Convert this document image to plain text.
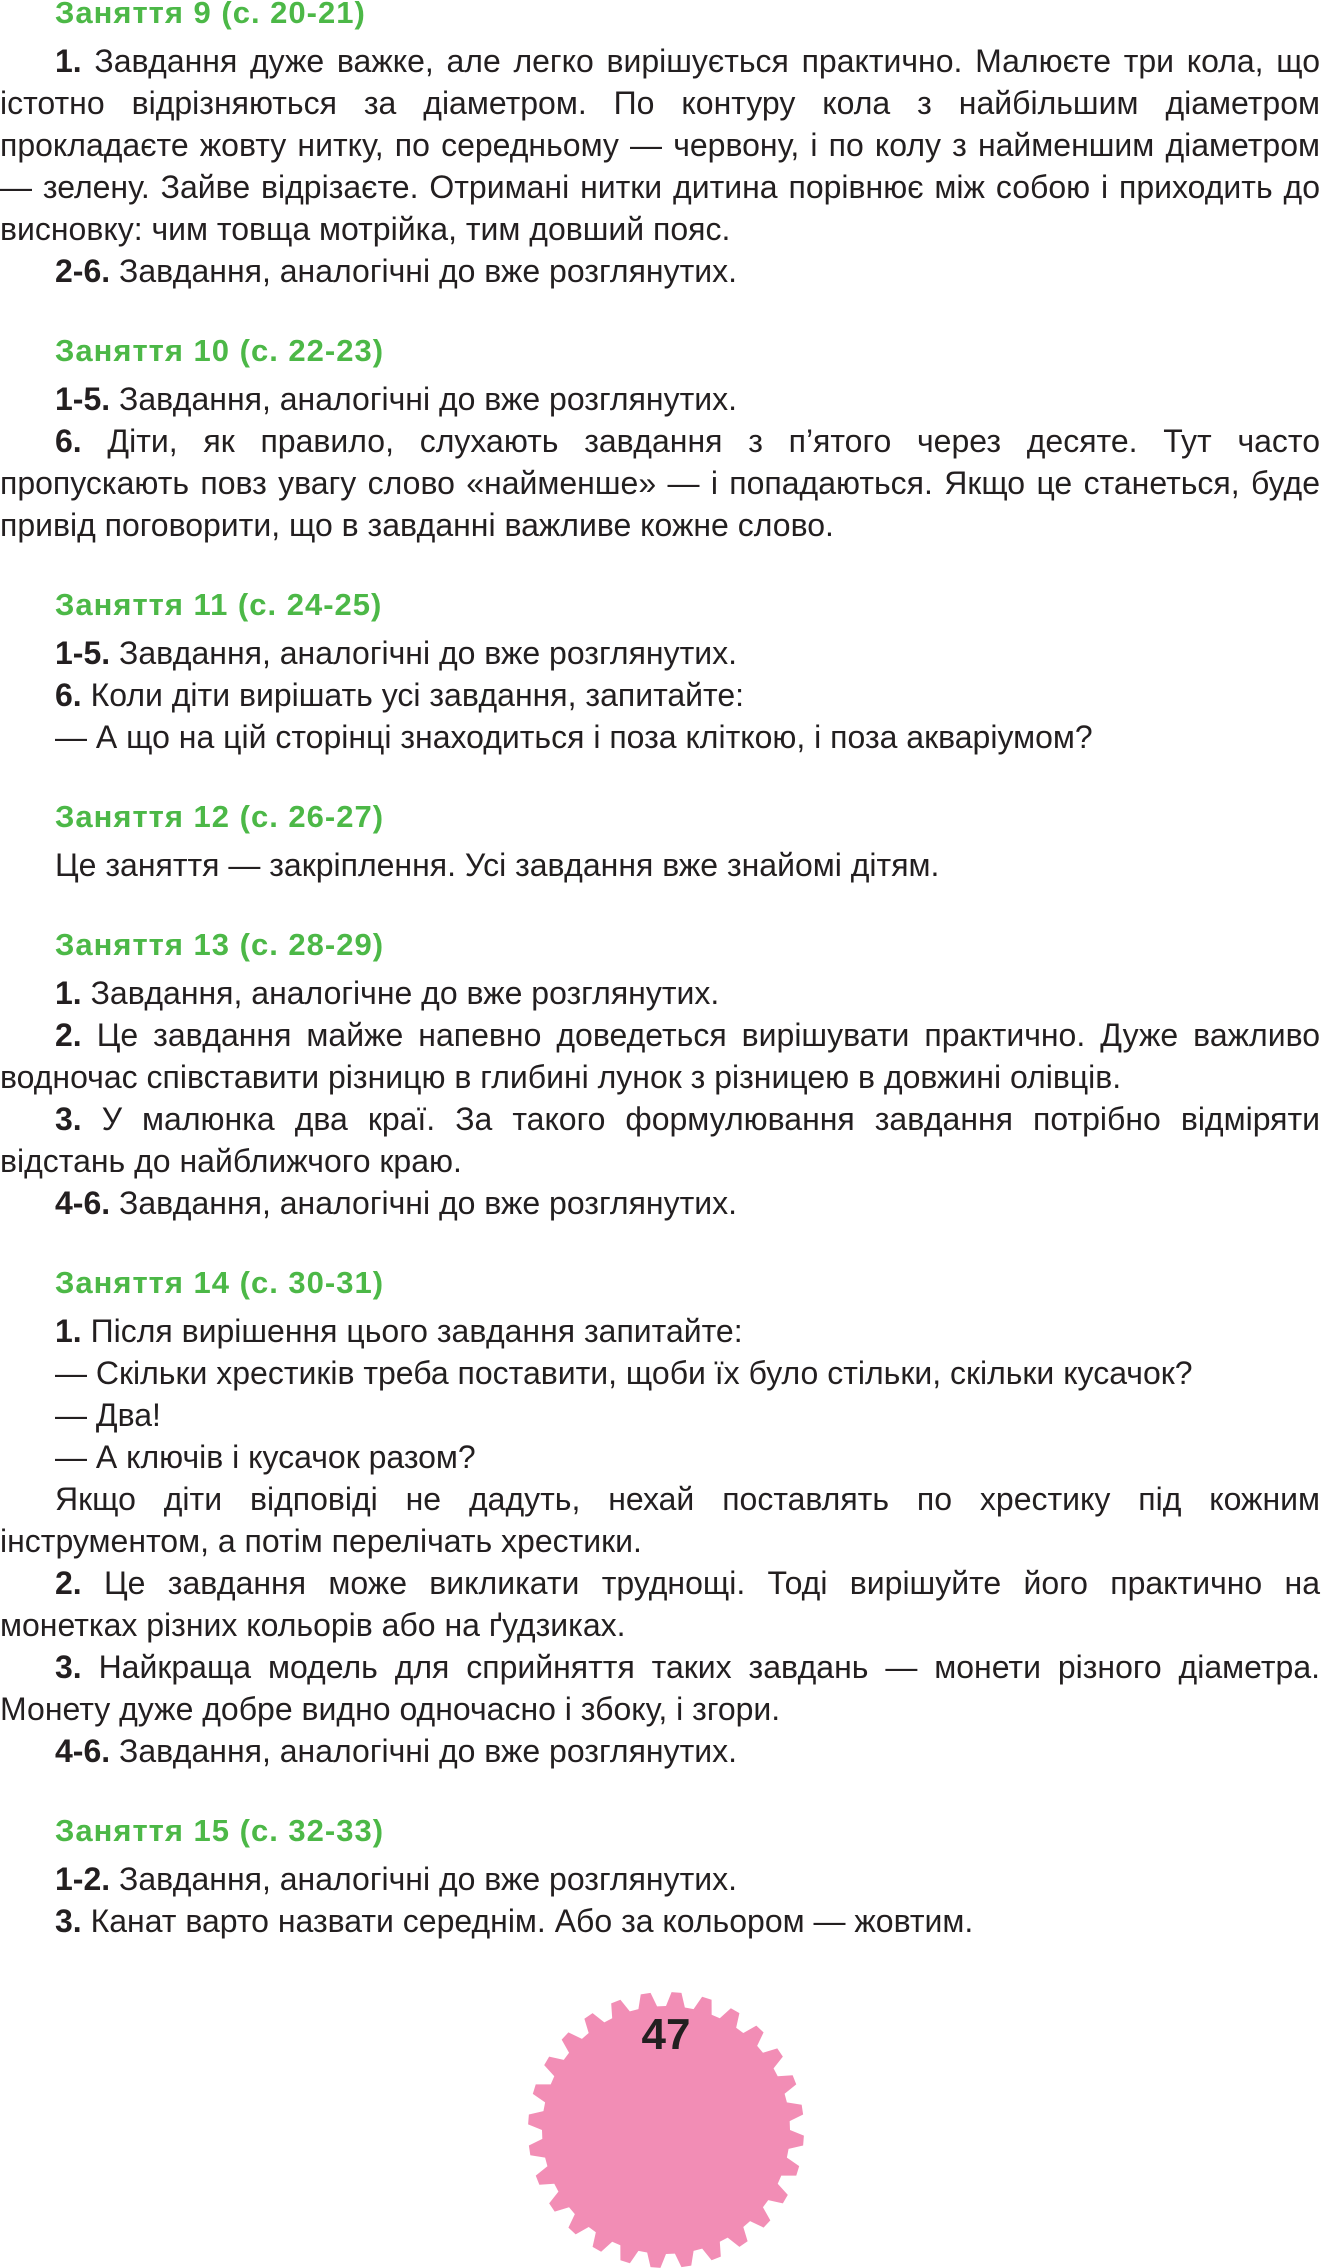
Заняття 9 (с. 20-21)

1. Завдання дуже важке, але легко вирішується практично. Малюєте три кола, що істотно відрізняються за діаметром. По контуру кола з найбільшим діаметром прокладаєте жовту нитку, по середньому — червону, і по колу з найменшим діаметром — зелену. Зайве відрізаєте. Отримані нитки дитина порівнює між собою і приходить до висновку: чим товща мотрійка, тим довший пояс.

2-6. Завдання, аналогічні до вже розглянутих.

Заняття 10 (с. 22-23)

1-5. Завдання, аналогічні до вже розглянутих.

6. Діти, як правило, слухають завдання з п’ятого через десяте. Тут часто пропускають повз увагу слово «найменше» — і попадаються. Якщо це станеться, буде привід поговорити, що в завданні важливе кожне слово.

Заняття 11 (с. 24-25)

1-5. Завдання, аналогічні до вже розглянутих.

6. Коли діти вирішать усі завдання, запитайте:

— А що на цій сторінці знаходиться і поза кліткою, і поза акваріумом?

Заняття 12 (с. 26-27)

Це заняття — закріплення. Усі завдання вже знайомі дітям.

Заняття 13 (с. 28-29)

1. Завдання, аналогічне до вже розглянутих.

2. Це завдання майже напевно доведеться вирішувати практично. Дуже важливо водночас співставити різницю в глибині лунок з різницею в довжині олівців.

3. У малюнка два краї. За такого формулювання завдання потрібно відміряти відстань до найближчого краю.

4-6. Завдання, аналогічні до вже розглянутих.

Заняття 14 (с. 30-31)

1. Після вирішення цього завдання запитайте:

— Скільки хрестиків треба поставити, щоби їх було стільки, скільки кусачок?

— Два!

— А ключів і кусачок разом?

Якщо діти відповіді не дадуть, нехай поставлять по хрестику під кожним інструментом, а потім перелічать хрестики.

2. Це завдання може викликати труднощі. Тоді вирішуйте його практично на монетках різних кольорів або на ґудзиках.

3. Найкраща модель для сприйняття таких завдань — монети різного діаметра. Монету дуже добре видно одночасно і збоку, і згори.

4-6. Завдання, аналогічні до вже розглянутих.

Заняття 15 (с. 32-33)

1-2. Завдання, аналогічні до вже розглянутих.

3. Канат варто назвати середнім. Або за кольором — жовтим.

47
